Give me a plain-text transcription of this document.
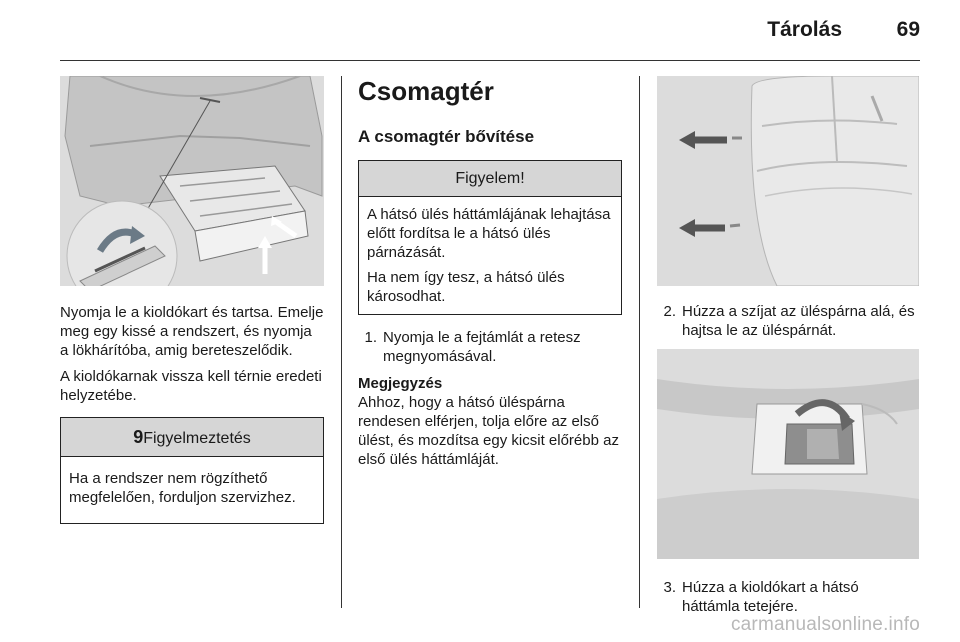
Tárolás	69

Nyomja le a kioldókart és tartsa. Emelje meg egy kissé a rendszert, és nyomja a lökhárítóba, amig bereteszelődik.

A kioldókarnak vissza kell térnie eredeti helyzetébe.

9Figyelmeztetés

Ha a rendszer nem rögzíthető megfelelően, forduljon szervizhez.

Csomagtér
A csomagtér bővítése
Figyelem!

A hátsó ülés háttámlájának lehajtása előtt fordítsa le a hátsó ülés párnázását.

Ha nem így tesz, a hátsó ülés károsodhat.

1. Nyomja le a fejtámlát a retesz megnyomásával.

Megjegyzés

Ahhoz, hogy a hátsó üléspárna rendesen elférjen, tolja előre az első ülést, és mozdítsa egy kicsit előrébb az első ülés háttámláját.

2. Húzza a szíjat az üléspárna alá, és hajtsa le az üléspárnát.
3. Húzza a kioldókart a hátsó háttámla tetejére.
carmanualsonline.info
